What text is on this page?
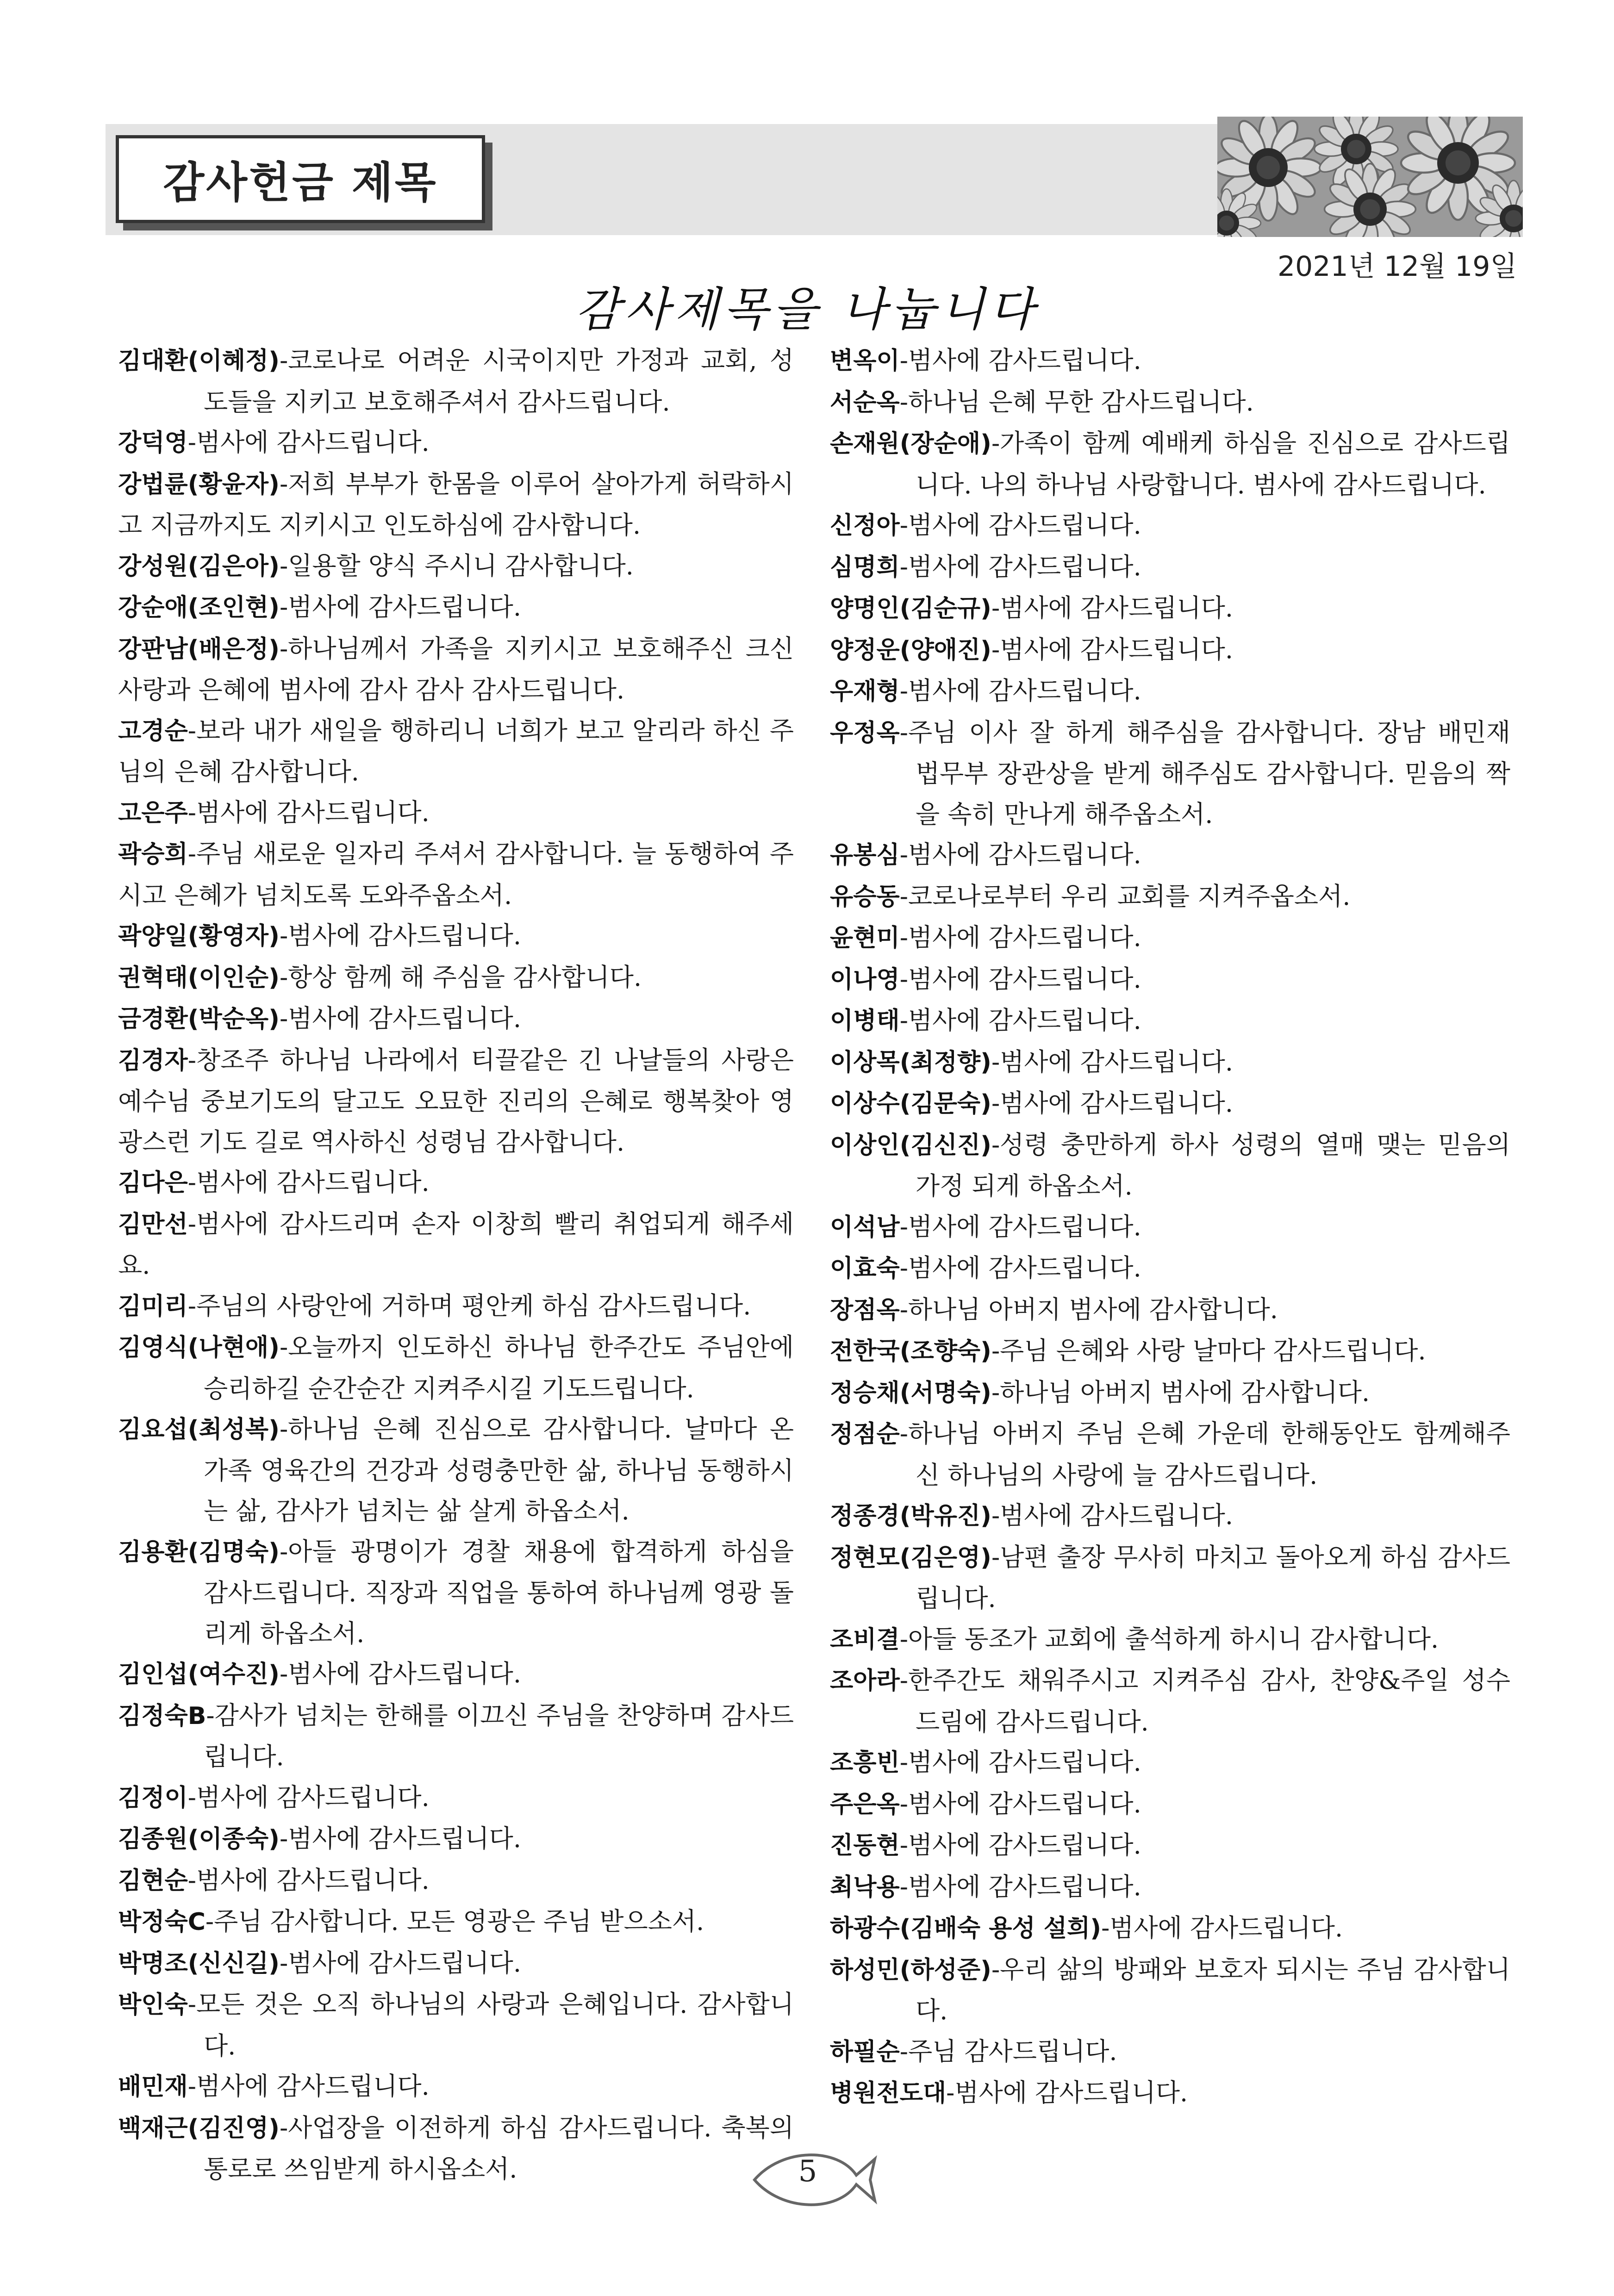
감사헌금 제목
2021년 12월 19일
감사제목을 나눕니다

김대환(이혜정)-코로나로 어려운 시국이지만 가정과 교회, 성도들을 지키고 보호해주셔서 감사드립니다.

강덕영-범사에 감사드립니다.

강법륜(황윤자)-저희 부부가 한몸을 이루어 살아가게 허락하시고 지금까지도 지키시고 인도하심에 감사합니다.

강성원(김은아)-일용할 양식 주시니 감사합니다.

강순애(조인현)-범사에 감사드립니다.

강판남(배은정)-하나님께서 가족을 지키시고 보호해주신 크신 사랑과 은혜에 범사에 감사 감사 감사드립니다.

고경순-보라 내가 새일을 행하리니 너희가 보고 알리라 하신 주님의 은혜 감사합니다.

고은주-범사에 감사드립니다.

곽승희-주님 새로운 일자리 주셔서 감사합니다. 늘 동행하여 주시고 은혜가 넘치도록 도와주옵소서.

곽양일(황영자)-범사에 감사드립니다.

권혁태(이인순)-항상 함께 해 주심을 감사합니다.

금경환(박순옥)-범사에 감사드립니다.

김경자-창조주 하나님 나라에서 티끌같은 긴 나날들의 사랑은 예수님 중보기도의 달고도 오묘한 진리의 은혜로 행복찾아 영광스런 기도 길로 역사하신 성령님 감사합니다.

김다은-범사에 감사드립니다.

김만선-범사에 감사드리며 손자 이창희 빨리 취업되게 해주세요.

김미리-주님의 사랑안에 거하며 평안케 하심 감사드립니다.

김영식(나현애)-오늘까지 인도하신 하나님 한주간도 주님안에 승리하길 순간순간 지켜주시길 기도드립니다.

김요섭(최성복)-하나님 은혜 진심으로 감사합니다. 날마다 온 가족 영육간의 건강과 성령충만한 삶, 하나님 동행하시는 삶, 감사가 넘치는 삶 살게 하옵소서.

김용환(김명숙)-아들 광명이가 경찰 채용에 합격하게 하심을 감사드립니다. 직장과 직업을 통하여 하나님께 영광 돌리게 하옵소서.

김인섭(여수진)-범사에 감사드립니다.

김정숙B-감사가 넘치는 한해를 이끄신 주님을 찬양하며 감사드립니다.

김정이-범사에 감사드립니다.

김종원(이종숙)-범사에 감사드립니다.

김현순-범사에 감사드립니다.

박정숙C-주님 감사합니다. 모든 영광은 주님 받으소서.

박명조(신신길)-범사에 감사드립니다.

박인숙-모든 것은 오직 하나님의 사랑과 은혜입니다. 감사합니다.

배민재-범사에 감사드립니다.

백재근(김진영)-사업장을 이전하게 하심 감사드립니다. 축복의 통로로 쓰임받게 하시옵소서.

변옥이-범사에 감사드립니다.

서순옥-하나님 은혜 무한 감사드립니다.

손재원(장순애)-가족이 함께 예배케 하심을 진심으로 감사드립니다. 나의 하나님 사랑합니다. 범사에 감사드립니다.

신정아-범사에 감사드립니다.

심명희-범사에 감사드립니다.

양명인(김순규)-범사에 감사드립니다.

양정운(양애진)-범사에 감사드립니다.

우재형-범사에 감사드립니다.

우정옥-주님 이사 잘 하게 해주심을 감사합니다. 장남 배민재 법무부 장관상을 받게 해주심도 감사합니다. 믿음의 짝을 속히 만나게 해주옵소서.

유봉심-범사에 감사드립니다.

유승동-코로나로부터 우리 교회를 지켜주옵소서.

윤현미-범사에 감사드립니다.

이나영-범사에 감사드립니다.

이병태-범사에 감사드립니다.

이상목(최정향)-범사에 감사드립니다.

이상수(김문숙)-범사에 감사드립니다.

이상인(김신진)-성령 충만하게 하사 성령의 열매 맺는 믿음의 가정 되게 하옵소서.

이석남-범사에 감사드립니다.

이효숙-범사에 감사드립니다.

장점옥-하나님 아버지 범사에 감사합니다.

전한국(조향숙)-주님 은혜와 사랑 날마다 감사드립니다.

정승채(서명숙)-하나님 아버지 범사에 감사합니다.

정점순-하나님 아버지 주님 은혜 가운데 한해동안도 함께해주신 하나님의 사랑에 늘 감사드립니다.

정종경(박유진)-범사에 감사드립니다.

정현모(김은영)-남편 출장 무사히 마치고 돌아오게 하심 감사드립니다.

조비결-아들 동조가 교회에 출석하게 하시니 감사합니다.

조아라-한주간도 채워주시고 지켜주심 감사, 찬양&주일 성수 드림에 감사드립니다.

조흥빈-범사에 감사드립니다.

주은옥-범사에 감사드립니다.

진동현-범사에 감사드립니다.

최낙용-범사에 감사드립니다.

하광수(김배숙 용성 설희)-범사에 감사드립니다.

하성민(하성준)-우리 삶의 방패와 보호자 되시는 주님 감사합니다.

하필순-주님 감사드립니다.

병원전도대-범사에 감사드립니다.

5
